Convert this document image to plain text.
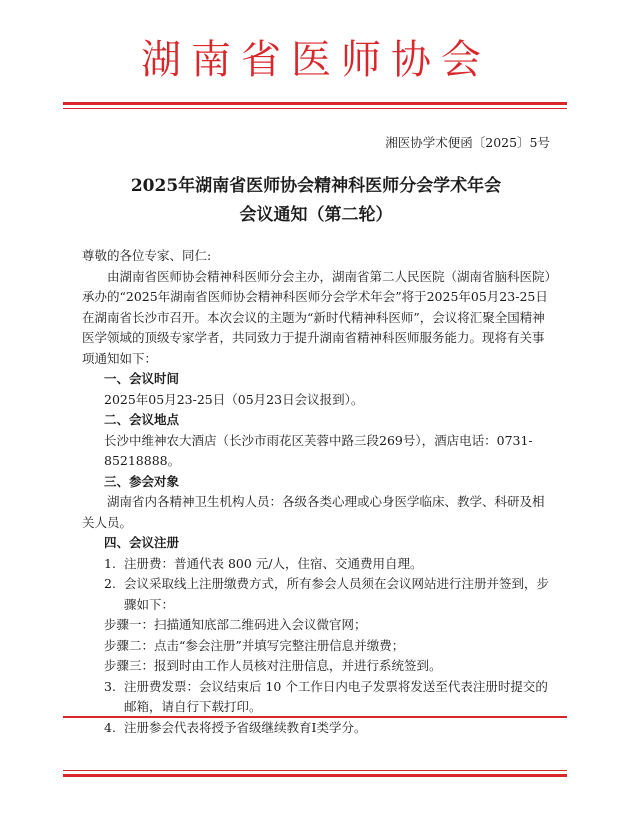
湖南省医师协会
湘医协学术便函〔2025〕5号
2025年湖南省医师协会精神科医师分会学术年会
会议通知（第二轮）

尊敬的各位专家、同仁:

由湖南省医师协会精神科医师分会主办，湖南省第二人民医院（湖南省脑科医院）承办的“2025年湖南省医师协会精神科医师分会学术年会”将于2025年05月23-25日在湖南省长沙市召开。本次会议的主题为“新时代精神科医师”，会议将汇聚全国精神医学领域的顶级专家学者，共同致力于提升湖南省精神科医师服务能力。现将有关事项通知如下：

一、会议时间

2025年05月23-25日（05月23日会议报到）。

二、会议地点

长沙中维神农大酒店（长沙市雨花区芙蓉中路三段269号），酒店电话：0731-85218888。

三、参会对象

湖南省内各精神卫生机构人员：各级各类心理或心身医学临床、教学、科研及相关人员。

四、会议注册

1. 注册费：普通代表 800 元/人，住宿、交通费用自理。
2. 会议采取线上注册缴费方式，所有参会人员须在会议网站进行注册并签到，步骤如下：

步骤一：扫描通知底部二维码进入会议微官网；

步骤二：点击“参会注册”并填写完整注册信息并缴费；

步骤三：报到时由工作人员核对注册信息，并进行系统签到。

3. 注册费发票：会议结束后 10 个工作日内电子发票将发送至代表注册时提交的邮箱，请自行下载打印。
4. 注册参会代表将授予省级继续教育I类学分。
